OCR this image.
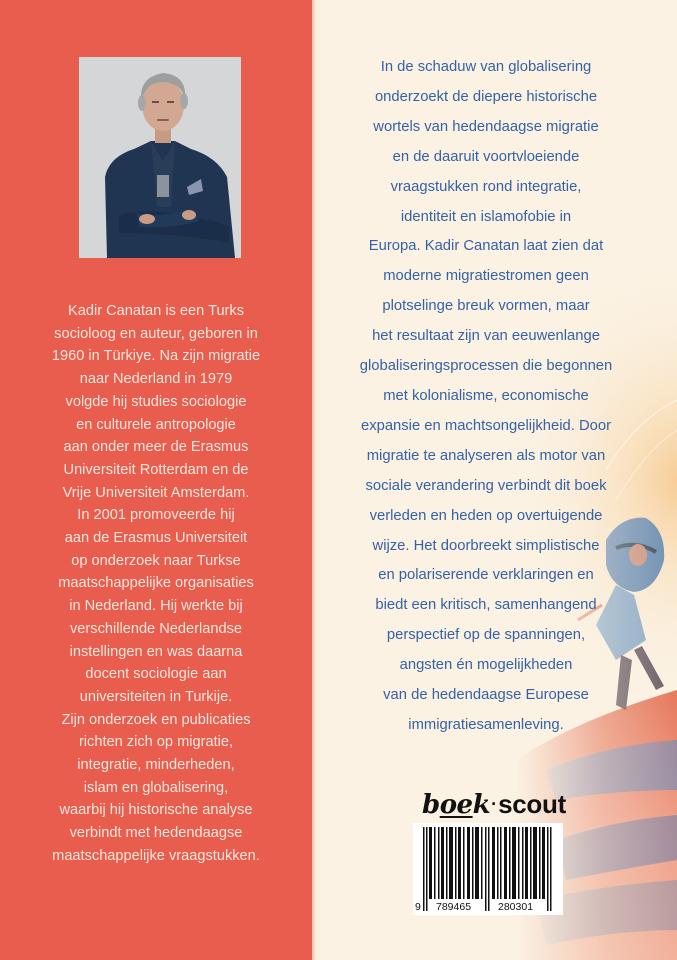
Kadir Canatan is een Turks
socioloog en auteur, geboren in
1960 in Türkiye. Na zijn migratie
naar Nederland in 1979
volgde hij studies sociologie
en culturele antropologie
aan onder meer de Erasmus
Universiteit Rotterdam en de
Vrije Universiteit Amsterdam.
In 2001 promoveerde hij
aan de Erasmus Universiteit
op onderzoek naar Turkse
maatschappelijke organisaties
in Nederland. Hij werkte bij
verschillende Nederlandse
instellingen en was daarna
docent sociologie aan
universiteiten in Turkije.
Zijn onderzoek en publicaties
richten zich op migratie,
integratie, minderheden,
islam en globalisering,
waarbij hij historische analyse
verbindt met hedendaagse
maatschappelijke vraagstukken.
In de schaduw van globalisering
onderzoekt de diepere historische
wortels van hedendaagse migratie
en de daaruit voortvloeiende
vraagstukken rond integratie,
identiteit en islamofobie in
Europa. Kadir Canatan laat zien dat
moderne migratiestromen geen
plotselinge breuk vormen, maar
het resultaat zijn van eeuwenlange
globaliseringsprocessen die begonnen
met kolonialisme, economische
expansie en machtsongelijkheid. Door
migratie te analyseren als motor van
sociale verandering verbindt dit boek
verleden en heden op overtuigende
wijze. Het doorbreekt simplistische
en polariserende verklaringen en
biedt een kritisch, samenhangend
perspectief op de spanningen,
angsten én mogelijkheden
van de hedendaagse Europese
immigratiesamenleving.
boek·scout
9 789465	280301
